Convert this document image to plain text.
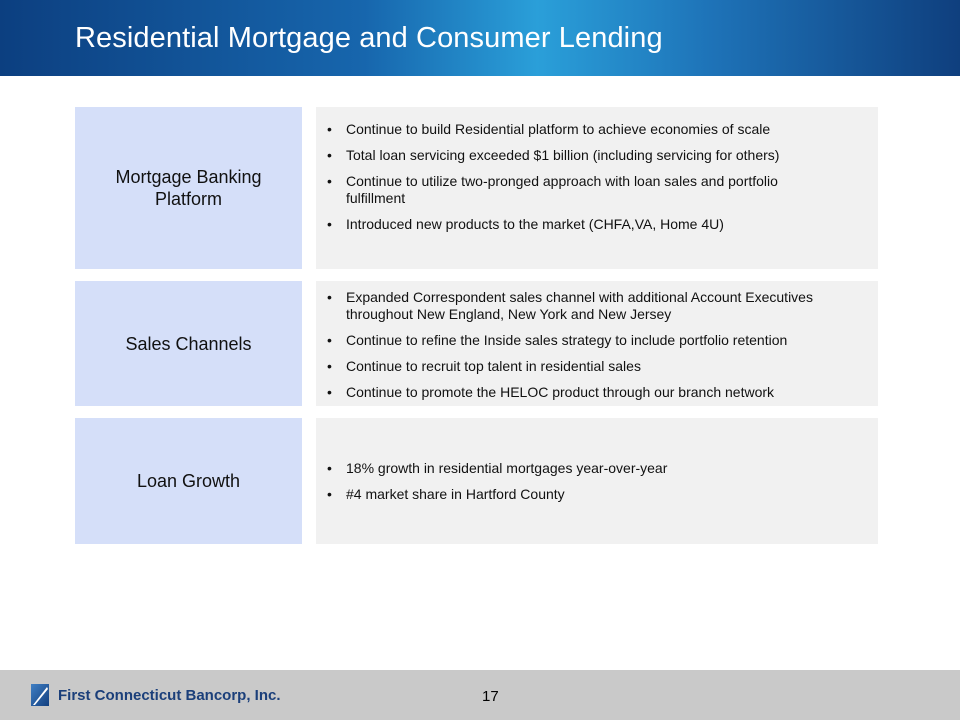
Residential Mortgage and Consumer Lending
Mortgage Banking Platform
• Continue to build Residential platform to achieve economies of scale
• Total loan servicing exceeded $1 billion (including servicing for others)
• Continue to utilize two-pronged approach with loan sales and portfolio fulfillment
• Introduced new products to the market (CHFA,VA, Home 4U)
Sales Channels
• Expanded Correspondent sales channel with additional Account Executives throughout New England, New York and New Jersey
• Continue to refine the Inside sales strategy to include portfolio retention
• Continue to recruit top talent in residential sales
• Continue to promote the HELOC product through our branch network
Loan Growth
• 18% growth in residential mortgages year-over-year
• #4 market share in Hartford County
First Connecticut Bancorp, Inc.	17
